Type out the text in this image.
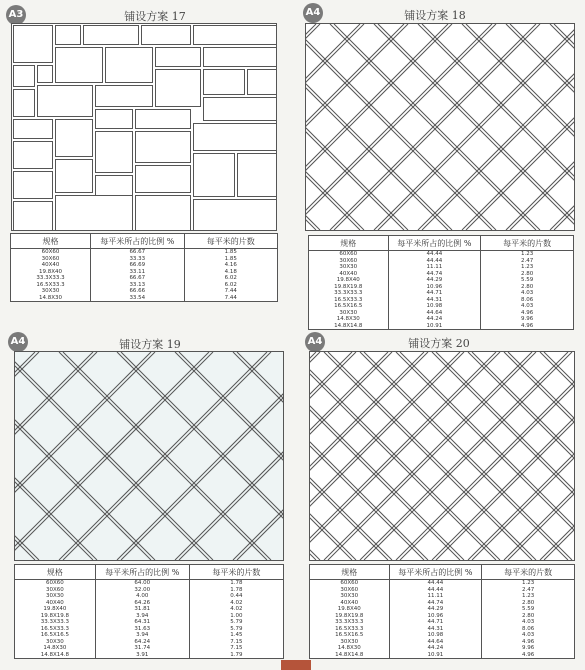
A3	铺设方案 17
规格	每平米所占的比例 %	每平米的片数
60X60	66.67	1.85
30X60	33.33	1.85
40X40	66.69	4.16
19.8X40	33.11	4.18
33.3X33.3	66.67	6.02
16.5X33.3	33.13	6.02
30X30	66.66	7.44
14.8X30	33.54	7.44
A4	铺设方案 18
规格	每平米所占的比例 %	每平米的片数
60X60	44.44	1.23
30X60	44.44	2.47
30X30	11.11	1.23
40X40	44.74	2.80
19.8X40	44.29	5.59
19.8X19.8	10.96	2.80
33.3X33.3	44.71	4.03
16.5X33.3	44.31	8.06
16.5X16.5	10.98	4.03
30X30	44.64	4.96
14.8X30	44.24	9.96
14.8X14.8	10.91	4.96
A4	铺设方案 19
规格	每平米所占的比例 %	每平米的片数
60X60	64.00	1.78
30X60	32.00	1.78
30X30	4.00	0.44
40X40	64.26	4.02
19.8X40	31.81	4.02
19.8X19.8	3.94	1.00
33.3X33.3	64.31	5.79
16.5X33.3	31.63	5.79
16.5X16.5	3.94	1.45
30X30	64.24	7.15
14.8X30	31.74	7.15
14.8X14.8	3.91	1.79
A4	铺设方案 20
规格	每平米所占的比例 %	每平米的片数
60X60	44.44	1.23
30X60	44.44	2.47
30X30	11.11	1.23
40X40	44.74	2.80
19.8X40	44.29	5.59
19.8X19.8	10.96	2.80
33.3X33.3	44.71	4.03
16.5X33.3	44.31	8.06
16.5X16.5	10.98	4.03
30X30	44.64	4.96
14.8X30	44.24	9.96
14.8X14.8	10.91	4.96
